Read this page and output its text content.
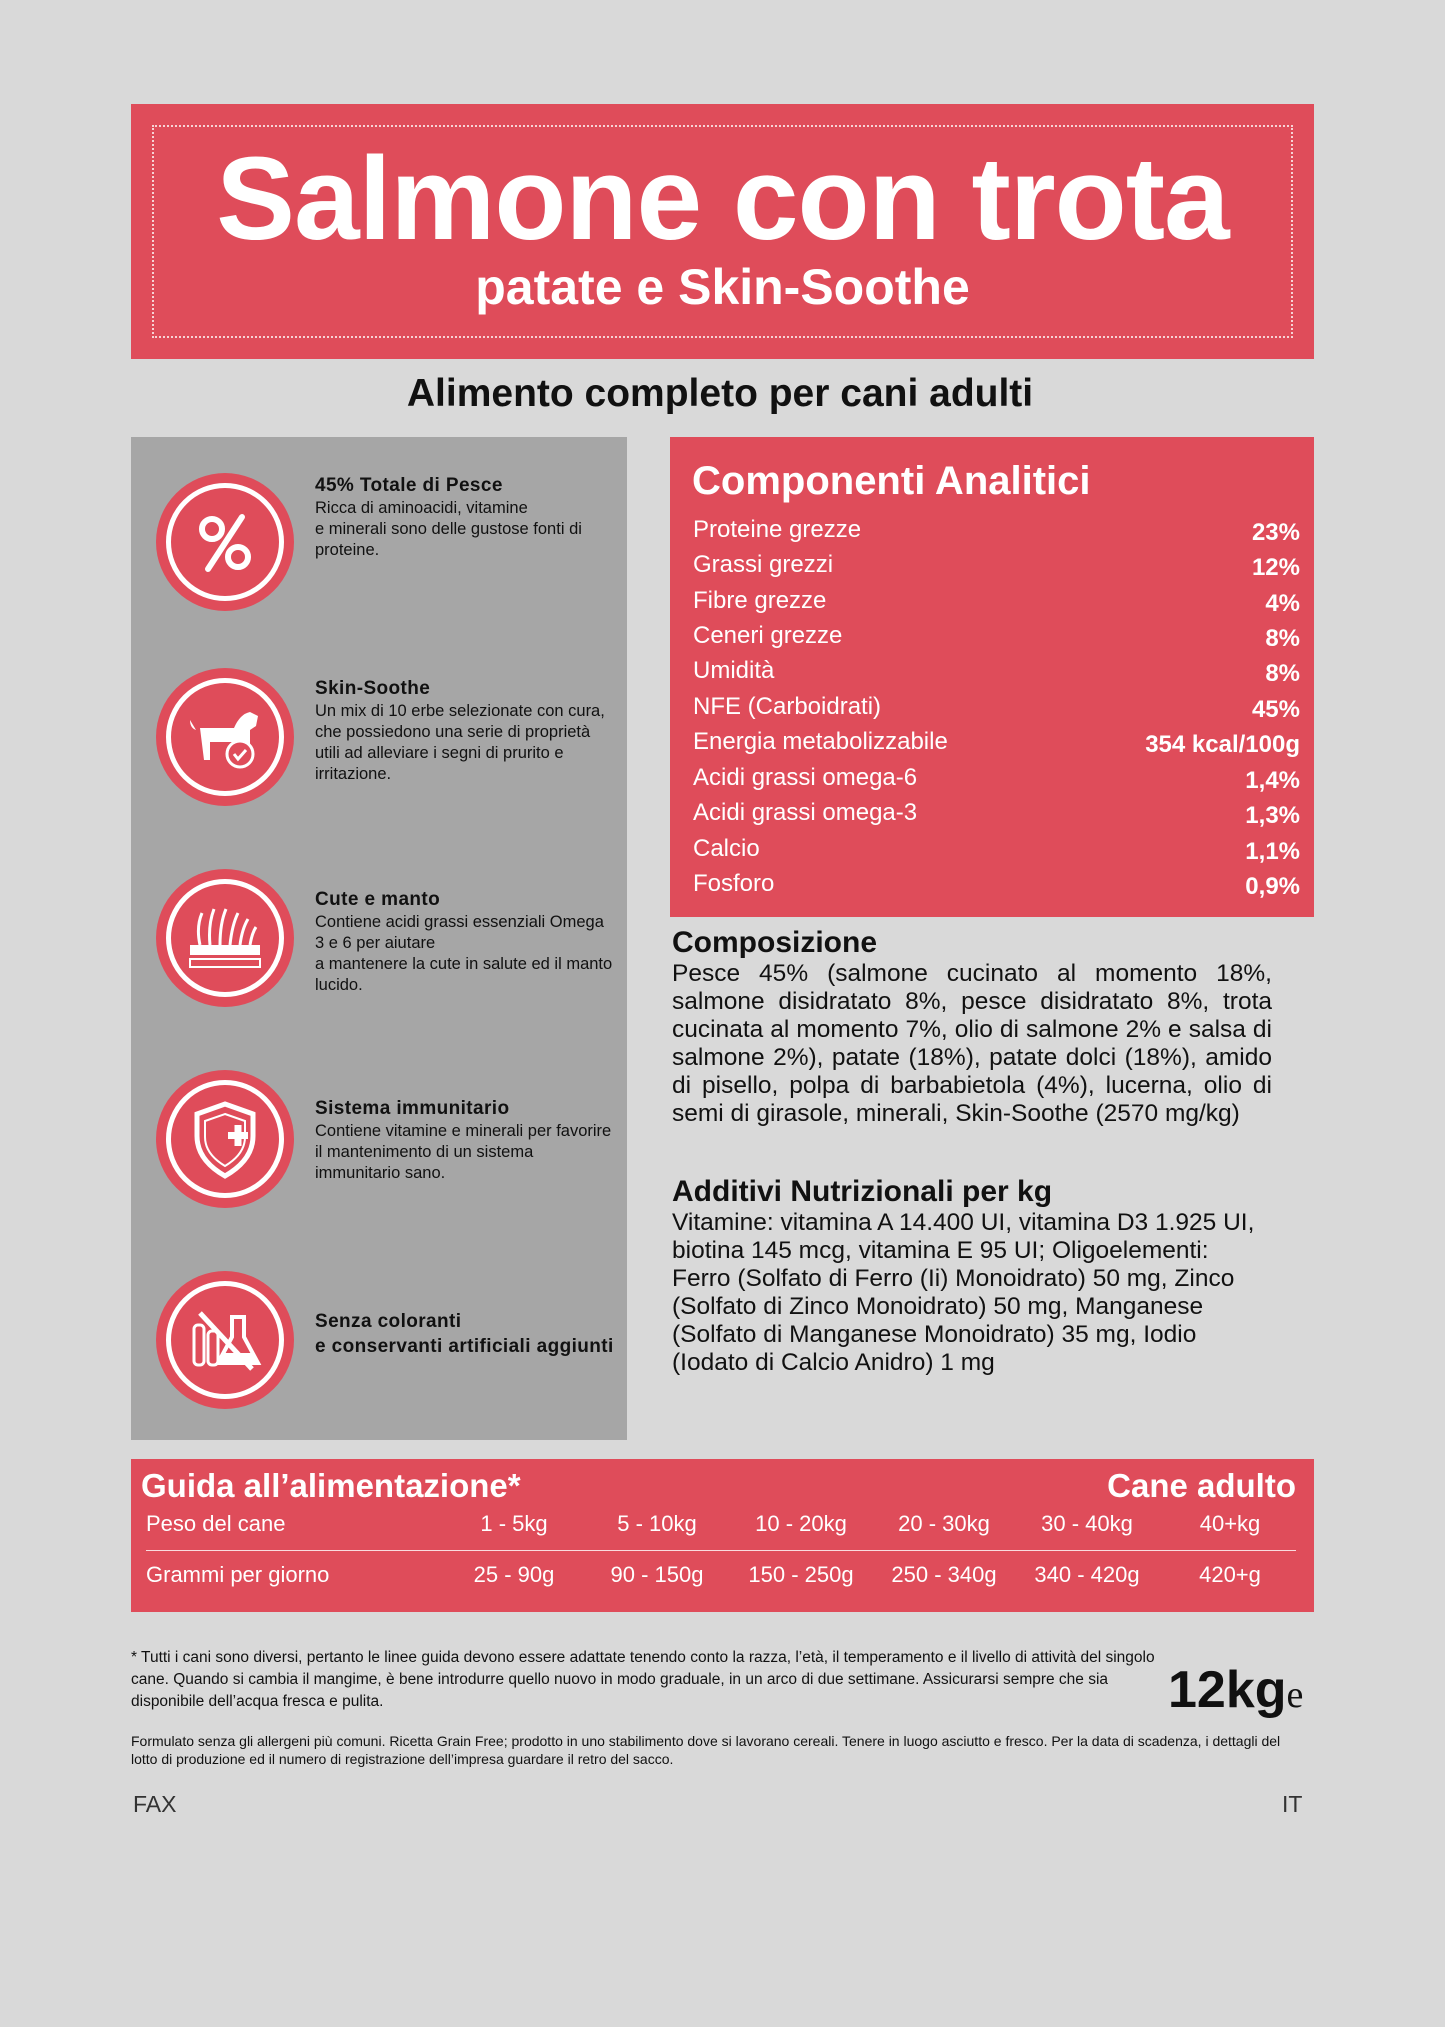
Salmone con trota
patate e Skin-Soothe
Alimento completo per cani adulti
45% Totale di Pesce
Ricca di aminoacidi, vitamine
e minerali sono delle gustose fonti di proteine.
Skin-Soothe
Un mix di 10 erbe selezionate con cura, che possiedono una serie di proprietà utili ad alleviare i segni di prurito e irritazione.
Cute e manto
Contiene acidi grassi essenziali Omega 3 e 6 per aiutare
a mantenere la cute in salute ed il manto lucido.
Sistema immunitario
Contiene vitamine e minerali per favorire il mantenimento di un sistema immunitario sano.
Senza coloranti
e conservanti artificiali aggiunti
Componenti Analitici
Proteine grezze	23%
Grassi grezzi	12%
Fibre grezze	4%
Ceneri grezze	8%
Umidità	8%
NFE (Carboidrati)	45%
Energia metabolizzabile	354 kcal/100g
Acidi grassi omega-6	1,4%
Acidi grassi omega-3	1,3%
Calcio	1,1%
Fosforo	0,9%
Composizione

Pesce 45% (salmone cucinato al momento 18%, salmone disidratato 8%, pesce disidratato 8%, trota cucinata al momento 7%, olio di salmone 2% e salsa di salmone 2%), patate (18%), patate dolci (18%), amido di pisello, polpa di barbabietola (4%), lucerna, olio di semi di girasole, minerali, Skin-Soothe (2570 mg/kg)

Additivi Nutrizionali per kg

Vitamine: vitamina A 14.400 UI, vitamina D3 1.925 UI, biotina 145 mcg, vitamina E 95 UI; Oligoelementi: Ferro (Solfato di Ferro (Ii) Monoidrato) 50 mg, Zinco (Solfato di Zinco Monoidrato) 50 mg, Manganese (Solfato di Manganese Monoidrato) 35 mg, Iodio (Iodato di Calcio Anidro) 1 mg

Guida all’alimentazione*	Cane adulto
Peso del cane	1 - 5kg	5 - 10kg	10 - 20kg	20 - 30kg	30 - 40kg	40+kg
Grammi per giorno	25 - 90g	90 - 150g	150 - 250g	250 - 340g	340 - 420g	420+g
* Tutti i cani sono diversi, pertanto le linee guida devono essere adattate tenendo conto la razza, l’età, il temperamento e il livello di attività del singolo cane. Quando si cambia il mangime, è bene introdurre quello nuovo in modo graduale, in un arco di due settimane. Assicurarsi sempre che sia disponibile dell’acqua fresca e pulita.	12kge
Formulato senza gli allergeni più comuni. Ricetta Grain Free; prodotto in uno stabilimento dove si lavorano cereali. Tenere in luogo asciutto e fresco. Per la data di scadenza, i dettagli del lotto di produzione ed il numero di registrazione dell’impresa guardare il retro del sacco.
FAX	IT
